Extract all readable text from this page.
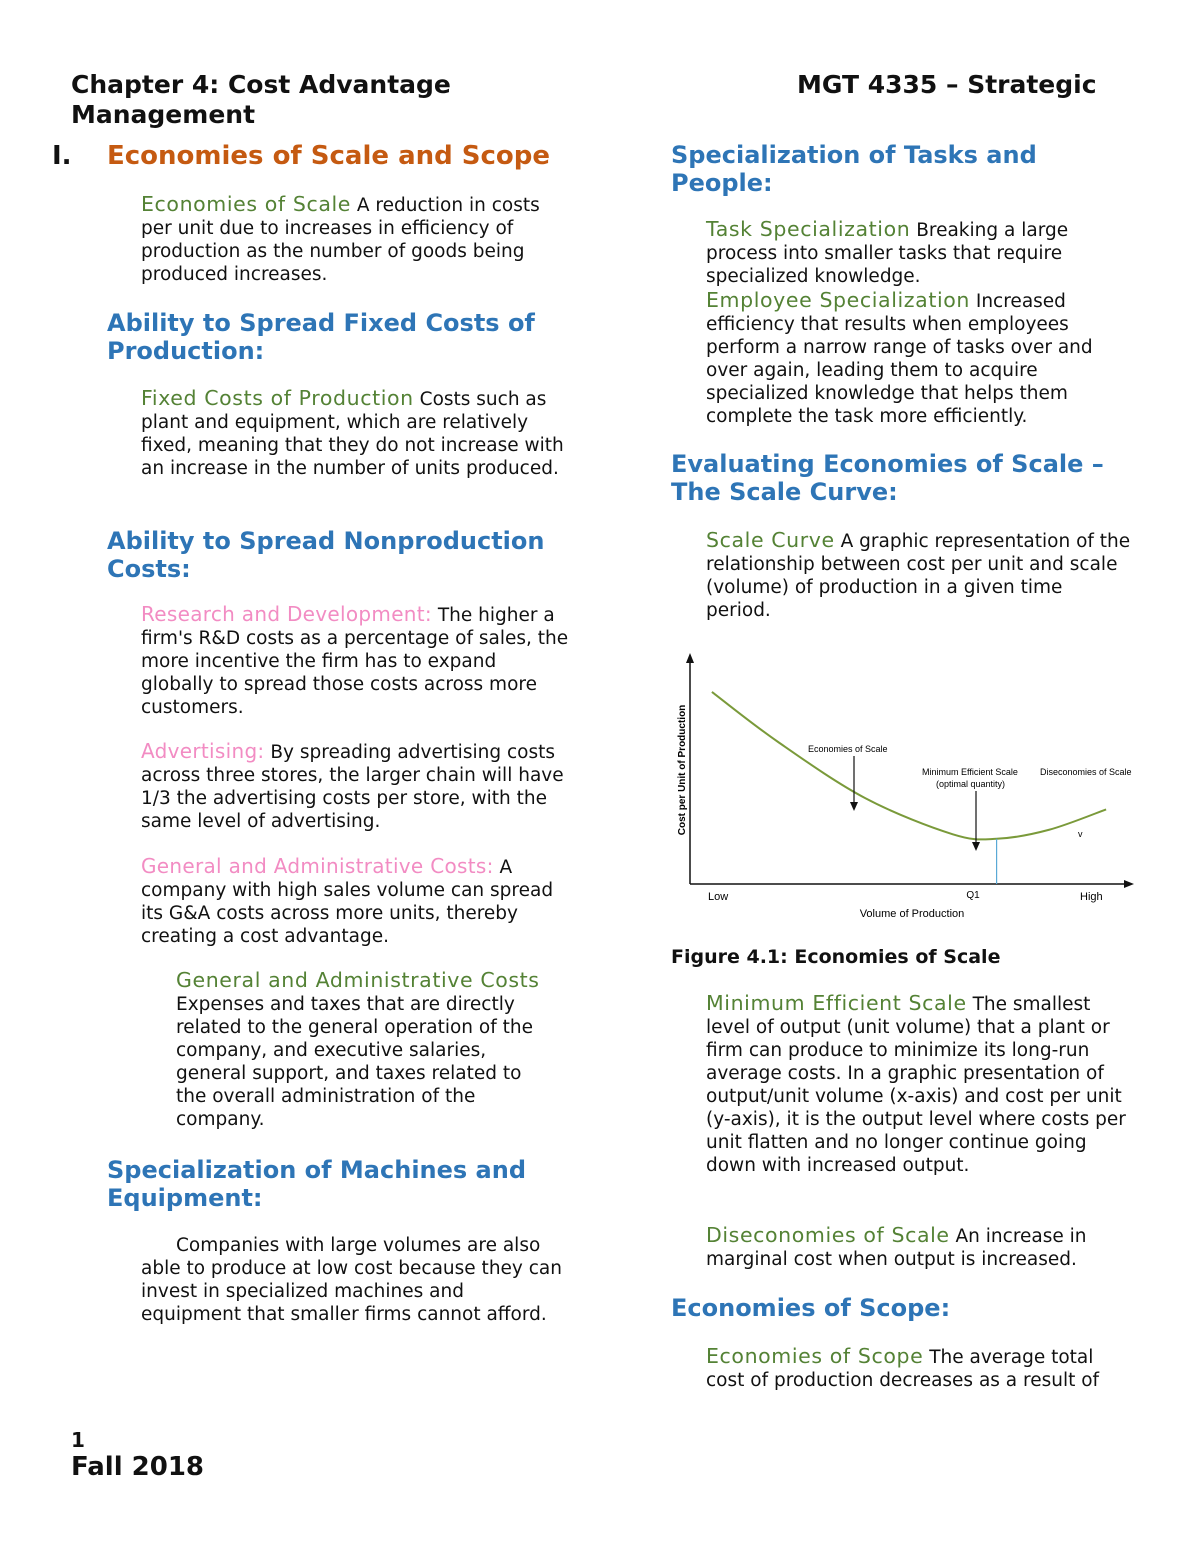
Chapter 4: Cost Advantage	MGT 4335 – Strategic
Management
I. Economies of Scale and Scope

Economies of Scale A reduction in costs per unit due to increases in efficiency of production as the number of goods being produced increases.

Ability to Spread Fixed Costs of Production:

Fixed Costs of Production Costs such as plant and equipment, which are relatively fixed, meaning that they do not increase with an increase in the number of units produced.

Ability to Spread Nonproduction Costs:

Research and Development: The higher a firm's R&D costs as a percentage of sales, the more incentive the firm has to expand globally to spread those costs across more customers.

Advertising: By spreading advertising costs across three stores, the larger chain will have 1/3 the advertising costs per store, with the same level of advertising.

General and Administrative Costs: A company with high sales volume can spread its G&A costs across more units, thereby creating a cost advantage.

General and Administrative Costs Expenses and taxes that are directly related to the general operation of the company, and executive salaries, general support, and taxes related to the overall administration of the company.

Specialization of Machines and Equipment:

Companies with large volumes are also able to produce at low cost because they can invest in specialized machines and equipment that smaller firms cannot afford.

Specialization of Tasks and People:

Task Specialization Breaking a large process into smaller tasks that require specialized knowledge.

Employee Specialization Increased efficiency that results when employees perform a narrow range of tasks over and over again, leading them to acquire specialized knowledge that helps them complete the task more efficiently.

Evaluating Economies of Scale – The Scale Curve:

Scale Curve A graphic representation of the relationship between cost per unit and scale (volume) of production in a given time period.

Cost per Unit of Production
Volume of Production
Low	Q1	High
Economies of Scale
Minimum Efficient Scale
(optimal quantity)
Diseconomies of Scale
v
Figure 4.1: Economies of Scale

Minimum Efficient Scale The smallest level of output (unit volume) that a plant or firm can produce to minimize its long-run average costs. In a graphic presentation of output/unit volume (x-axis) and cost per unit (y-axis), it is the output level where costs per unit flatten and no longer continue going down with increased output.

Diseconomies of Scale An increase in marginal cost when output is increased.

Economies of Scope:

Economies of Scope The average total cost of production decreases as a result of

1
Fall 2018
